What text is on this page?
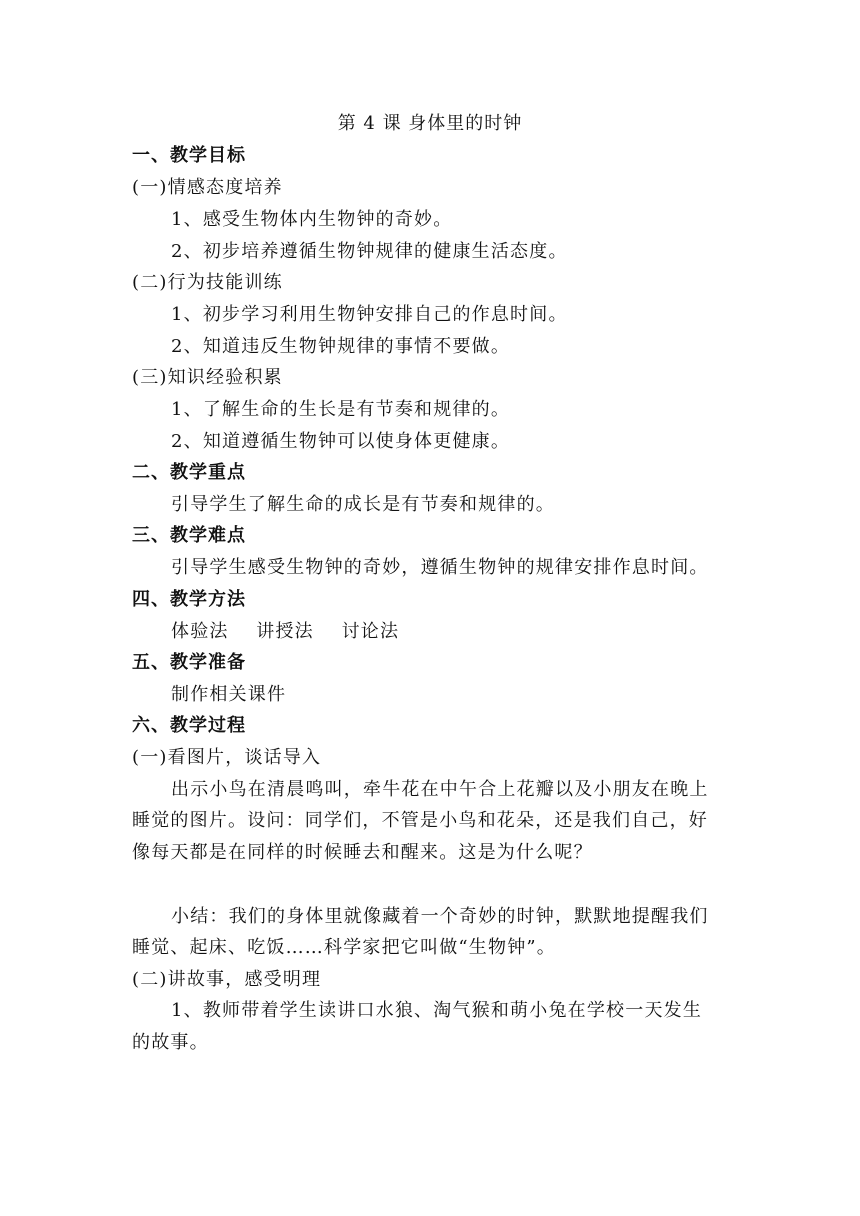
第 4 课 身体里的时钟
一、教学目标
(一)情感态度培养
1、感受生物体内生物钟的奇妙。
2、初步培养遵循生物钟规律的健康生活态度。
(二)行为技能训练
1、初步学习利用生物钟安排自己的作息时间。
2、知道违反生物钟规律的事情不要做。
(三)知识经验积累
1、了解生命的生长是有节奏和规律的。
2、知道遵循生物钟可以使身体更健康。
二、教学重点
引导学生了解生命的成长是有节奏和规律的。
三、教学难点
引导学生感受生物钟的奇妙，遵循生物钟的规律安排作息时间。
四、教学方法
体验法    讲授法    讨论法
五、教学准备
制作相关课件
六、教学过程
(一)看图片，谈话导入
出示小鸟在清晨鸣叫，牵牛花在中午合上花瓣以及小朋友在晚上
睡觉的图片。设问：同学们，不管是小鸟和花朵，还是我们自己，好
像每天都是在同样的时候睡去和醒来。这是为什么呢？
小结：我们的身体里就像藏着一个奇妙的时钟，默默地提醒我们
睡觉、起床、吃饭……科学家把它叫做“生物钟”。
(二)讲故事，感受明理
1、教师带着学生读讲口水狼、淘气猴和萌小兔在学校一天发生
的故事。
